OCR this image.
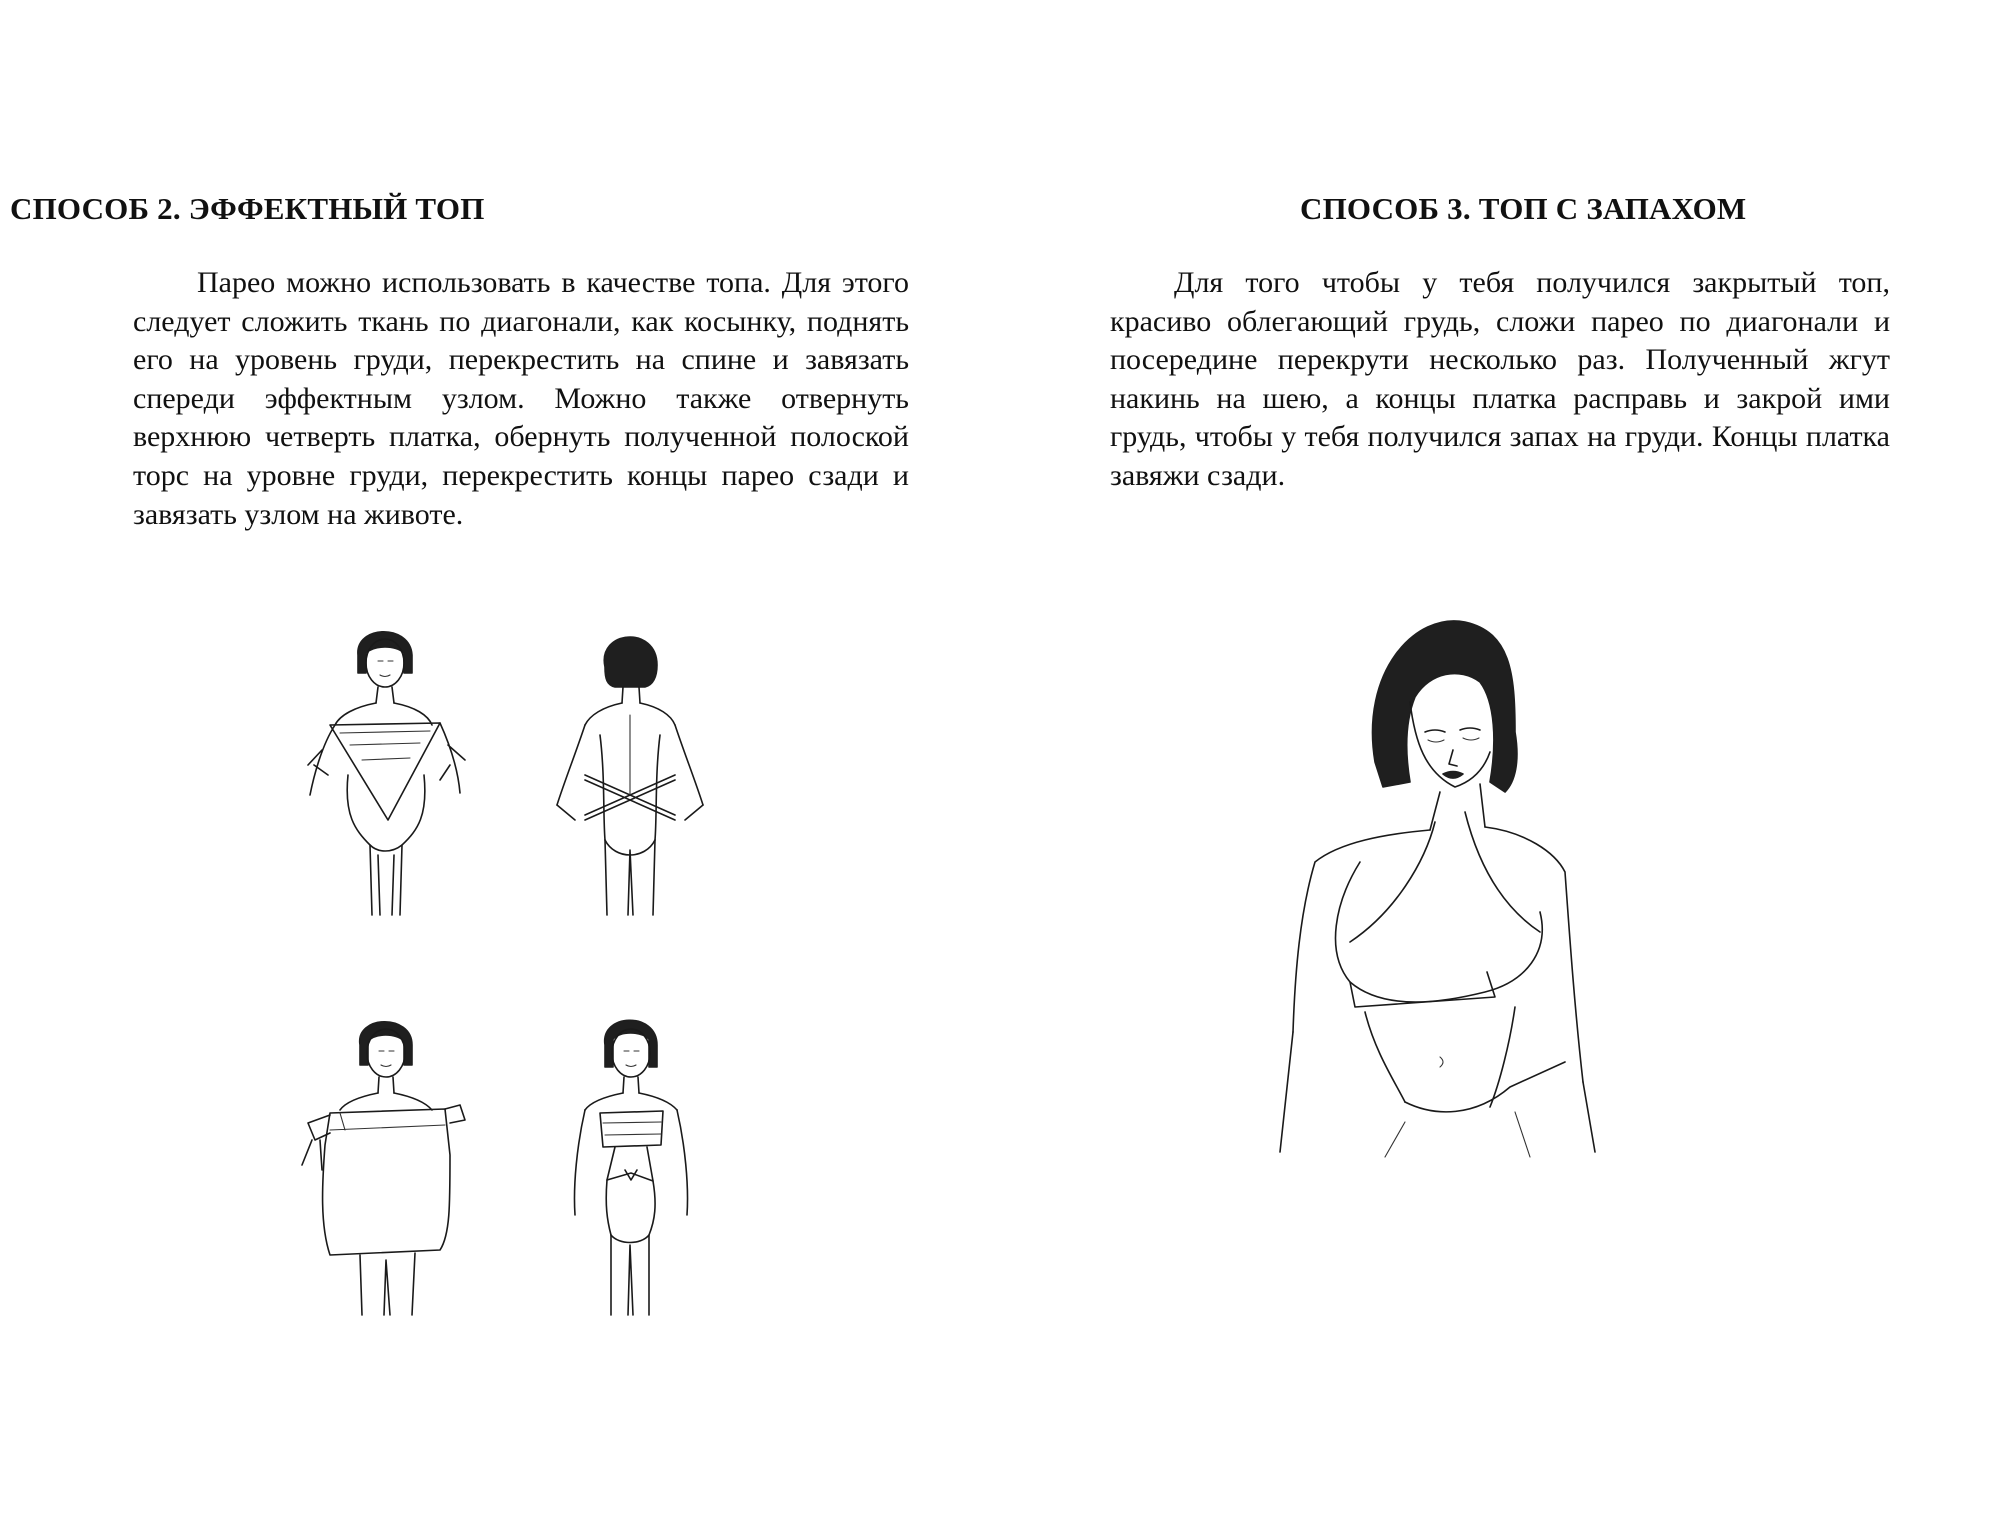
СПОСОБ 2. ЭФФЕКТНЫЙ ТОП

Парео можно использовать в качестве топа. Для этого следует сложить ткань по диагонали, как косынку, поднять его на уровень груди, перекрестить на спине и завязать спереди эффектным узлом. Можно также отвернуть верхнюю четверть платка, обернуть полученной полоской торс на уровне груди, перекрестить концы парео сзади и завязать узлом на животе.

СПОСОБ 3. ТОП С ЗАПАХОМ

Для того чтобы у тебя получился закрытый топ, красиво облегающий грудь, сложи парео по диагонали и посередине перекрути несколько раз. Полученный жгут накинь на шею, а концы платка расправь и закрой ими грудь, чтобы у тебя получился запах на груди. Концы платка завяжи сзади.
